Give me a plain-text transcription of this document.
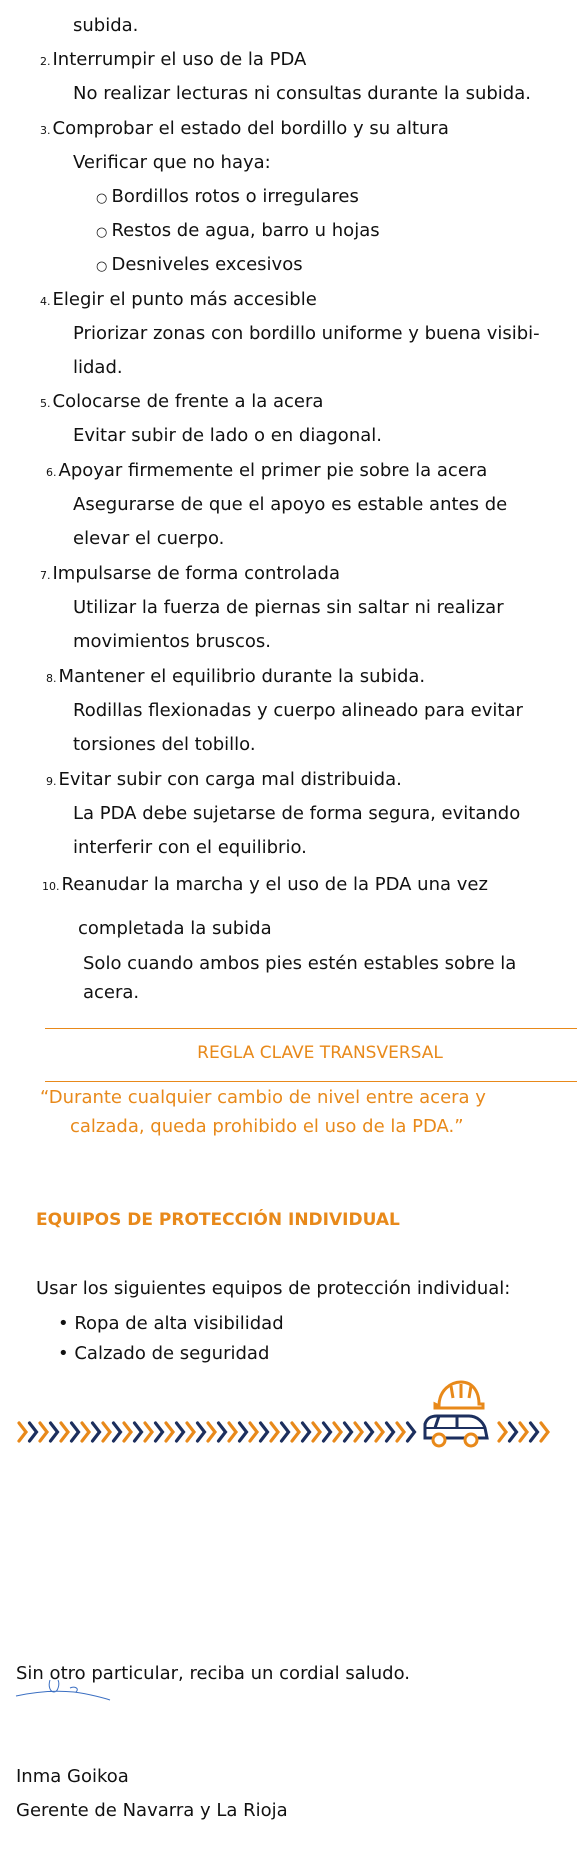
subida.
2. Interrumpir el uso de la PDA
No realizar lecturas ni consultas durante la subida.
3. Comprobar el estado del bordillo y su altura
Verificar que no haya:
○ Bordillos rotos o irregulares
○ Restos de agua, barro u hojas
○ Desniveles excesivos
4. Elegir el punto más accesible
Priorizar zonas con bordillo uniforme y buena visibi-
lidad.
5. Colocarse de frente a la acera
Evitar subir de lado o en diagonal.
6. Apoyar firmemente el primer pie sobre la acera
Asegurarse de que el apoyo es estable antes de
elevar el cuerpo.
7. Impulsarse de forma controlada
Utilizar la fuerza de piernas sin saltar ni realizar
movimientos bruscos.
8. Mantener el equilibrio durante la subida.
Rodillas flexionadas y cuerpo alineado para evitar
torsiones del tobillo.
9. Evitar subir con carga mal distribuida.
La PDA debe sujetarse de forma segura, evitando
interferir con el equilibrio.
10. Reanudar la marcha y el uso de la PDA una vez
completada la subida
Solo cuando ambos pies estén estables sobre la
acera.
REGLA CLAVE TRANSVERSAL
“Durante cualquier cambio de nivel entre acera y
calzada, queda prohibido el uso de la PDA.”
EQUIPOS DE PROTECCIÓN INDIVIDUAL
Usar los siguientes equipos de protección individual:
• Ropa de alta visibilidad
• Calzado de seguridad
Sin otro particular, reciba un cordial saludo.
Inma Goikoa
Gerente de Navarra y La Rioja
